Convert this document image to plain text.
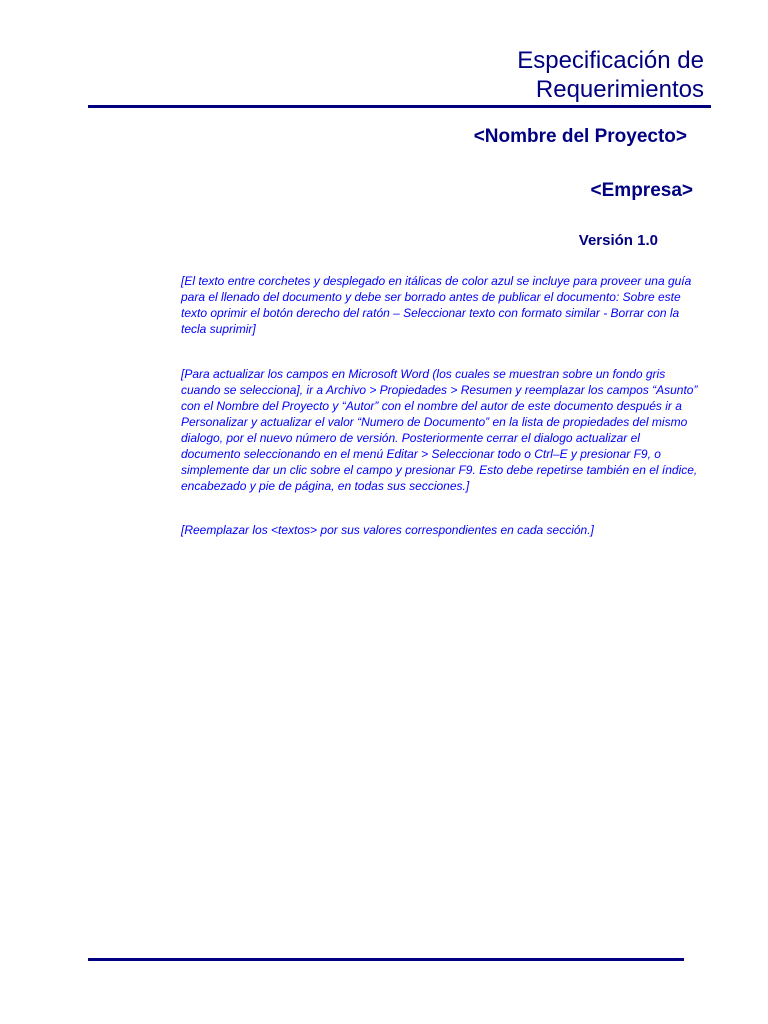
Especificación de
Requerimientos
<Nombre del Proyecto>
<Empresa>
Versión 1.0

[El texto entre corchetes y desplegado en itálicas de color azul se incluye para proveer una guía para el llenado del documento y debe ser borrado antes de publicar el documento: Sobre este texto oprimir el botón derecho del ratón – Seleccionar texto con formato similar - Borrar con la tecla suprimir]

[Para actualizar los campos en Microsoft Word (los cuales se muestran sobre un fondo gris cuando se selecciona], ir a Archivo > Propiedades > Resumen y reemplazar los campos “Asunto” con el Nombre del Proyecto y “Autor” con el nombre del autor de este documento después ir a Personalizar y actualizar el valor “Numero de Documento” en la lista de propiedades del mismo dialogo, por el nuevo número de versión. Posteriormente cerrar el dialogo actualizar el documento seleccionando en el menú Editar > Seleccionar todo o Ctrl–E y presionar F9, o simplemente dar un clic sobre el campo y presionar F9. Esto debe repetirse también en el índice, encabezado y pie de página, en todas sus secciones.]

[Reemplazar los <textos> por sus valores correspondientes en cada sección.]
